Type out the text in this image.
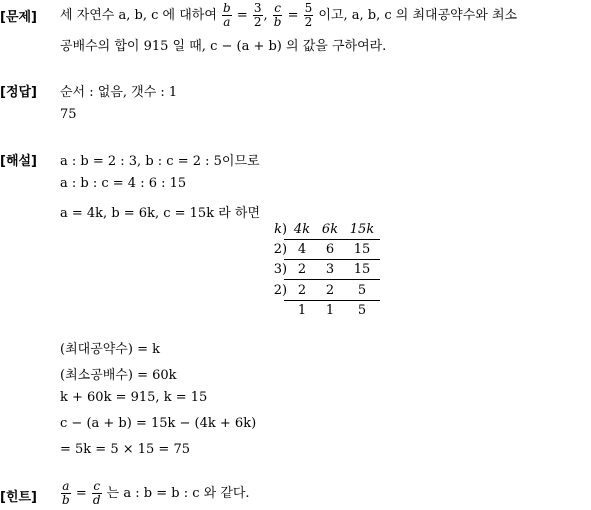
[문제] 세 자연수 a, b, c 에 대하여 $\frac{b}{a} = \frac{3}{2}$ , $\frac{c}{b} = \frac{5}{2}$ 이고, a, b, c 의 최대공약수와 최소
공배수의 합이 915 일 때, c − (a + b) 의 값을 구하여라.
[정답] 순서 : 없음, 갯수 : 1
75
[해설] a : b = 2 : 3, b : c = 2 : 5이므로
a : b : c = 4 : 6 : 15
a = 4k, b = 6k, c = 15k 라 하면
k ) 4k 6k 15k
2 ) 4	6	15
3 ) 2	3	15
2 ) 2	2	5
1	1	5
(최대공약수) = k
(최소공배수) = 60k
k + 60k = 915, k = 15
c − (a + b) = 15k − (4k + 6k)
= 5k = 5 × 15 = 75
[힌트] $\frac{a}{b} = \frac{c}{d}$ 는 a : b = b : c 와 같다.
